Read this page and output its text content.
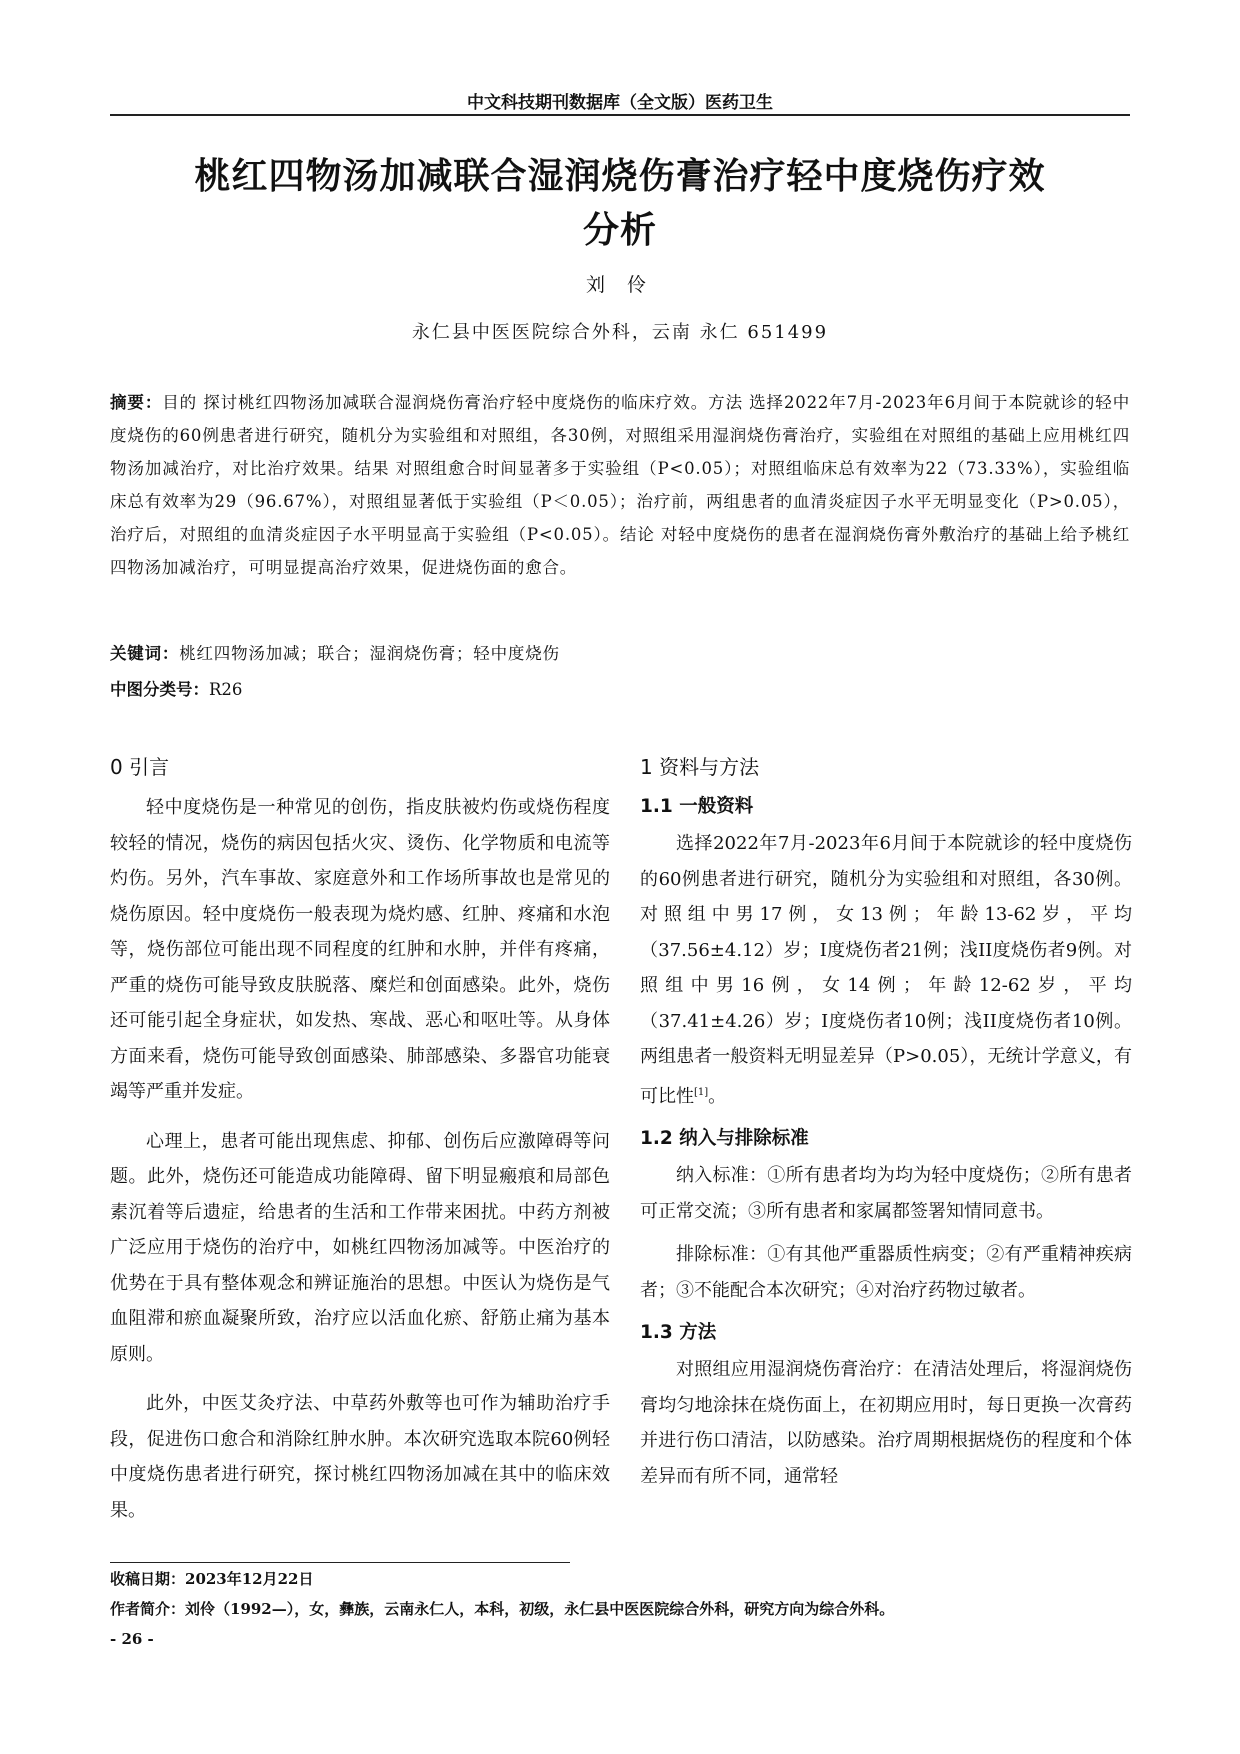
中文科技期刊数据库（全文版）医药卫生
桃红四物汤加减联合湿润烧伤膏治疗轻中度烧伤疗效
分析
刘 伶
永仁县中医医院综合外科，云南 永仁 651499
摘要：目的 探讨桃红四物汤加减联合湿润烧伤膏治疗轻中度烧伤的临床疗效。方法 选择2022年7月-2023年6月间于本院就诊的轻中度烧伤的60例患者进行研究，随机分为实验组和对照组，各30例，对照组采用湿润烧伤膏治疗，实验组在对照组的基础上应用桃红四物汤加减治疗，对比治疗效果。结果 对照组愈合时间显著多于实验组（P<0.05）；对照组临床总有效率为22（73.33%），实验组临床总有效率为29（96.67%），对照组显著低于实验组（P＜0.05）；治疗前，两组患者的血清炎症因子水平无明显变化（P>0.05），治疗后，对照组的血清炎症因子水平明显高于实验组（P<0.05）。结论 对轻中度烧伤的患者在湿润烧伤膏外敷治疗的基础上给予桃红四物汤加减治疗，可明显提高治疗效果，促进烧伤面的愈合。
关键词：桃红四物汤加减；联合；湿润烧伤膏；轻中度烧伤
中图分类号：R26
0 引言

轻中度烧伤是一种常见的创伤，指皮肤被灼伤或烧伤程度较轻的情况，烧伤的病因包括火灾、烫伤、化学物质和电流等灼伤。另外，汽车事故、家庭意外和工作场所事故也是常见的烧伤原因。轻中度烧伤一般表现为烧灼感、红肿、疼痛和水泡等，烧伤部位可能出现不同程度的红肿和水肿，并伴有疼痛，严重的烧伤可能导致皮肤脱落、糜烂和创面感染。此外，烧伤还可能引起全身症状，如发热、寒战、恶心和呕吐等。从身体方面来看，烧伤可能导致创面感染、肺部感染、多器官功能衰竭等严重并发症。

心理上，患者可能出现焦虑、抑郁、创伤后应激障碍等问题。此外，烧伤还可能造成功能障碍、留下明显瘢痕和局部色素沉着等后遗症，给患者的生活和工作带来困扰。中药方剂被广泛应用于烧伤的治疗中，如桃红四物汤加减等。中医治疗的优势在于具有整体观念和辨证施治的思想。中医认为烧伤是气血阻滞和瘀血凝聚所致，治疗应以活血化瘀、舒筋止痛为基本原则。

此外，中医艾灸疗法、中草药外敷等也可作为辅助治疗手段，促进伤口愈合和消除红肿水肿。本次研究选取本院60例轻中度烧伤患者进行研究，探讨桃红四物汤加减在其中的临床效果。

1 资料与方法
1.1 一般资料

选择2022年7月-2023年6月间于本院就诊的轻中度烧伤的60例患者进行研究，随机分为实验组和对照组，各30例。对照组中男17例，女13例；年龄13-62岁，平均（37.56±4.12）岁；I度烧伤者21例；浅II度烧伤者9例。对照组中男16例，女14例；年龄12-62岁，平均（37.41±4.26）岁；I度烧伤者10例；浅II度烧伤者10例。两组患者一般资料无明显差异（P>0.05），无统计学意义，有可比性[1]。

1.2 纳入与排除标准

纳入标准：①所有患者均为均为轻中度烧伤；②所有患者可正常交流；③所有患者和家属都签署知情同意书。

排除标准：①有其他严重器质性病变；②有严重精神疾病者；③不能配合本次研究；④对治疗药物过敏者。

1.3 方法

对照组应用湿润烧伤膏治疗：在清洁处理后，将湿润烧伤膏均匀地涂抹在烧伤面上，在初期应用时，每日更换一次膏药并进行伤口清洁，以防感染。治疗周期根据烧伤的程度和个体差异而有所不同，通常轻

收稿日期：2023年12月22日
作者简介：刘伶（1992—），女，彝族，云南永仁人，本科，初级，永仁县中医医院综合外科，研究方向为综合外科。
- 26 -
